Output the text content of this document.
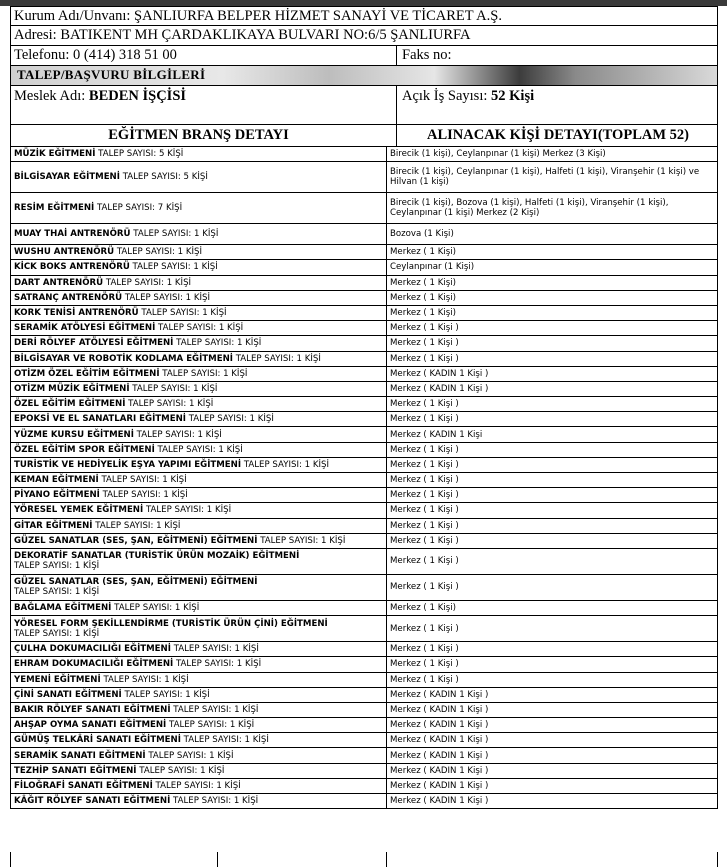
Kurum Adı/Unvanı: ŞANLIURFA BELPER HİZMET SANAYİ VE TİCARET A.Ş.
Adresi: BATIKENT MH ÇARDAKLIKAYA BULVARI NO:6/5 ŞANLIURFA
Telefonu: 0 (414) 318 51 00	Faks no:
TALEP/BAŞVURU BİLGİLERİ
Meslek Adı: BEDEN İŞÇİSİ	Açık İş Sayısı: 52 Kişi
EĞİTMEN BRANŞ DETAYI	ALINACAK KİŞİ DETAYI(TOPLAM 52)
MÜZİK EĞİTMENİ TALEP SAYISI: 5 KİŞİ	Birecik (1 kişi), Ceylanpınar (1 kişi) Merkez (3 Kişi)
BİLGİSAYAR EĞİTMENİ TALEP SAYISI: 5 KİŞİ	Birecik (1 kişi), Ceylanpınar (1 kişi), Halfeti (1 kişi), Viranşehir (1 kişi) ve Hilvan (1 kişi)
RESİM EĞİTMENİ TALEP SAYISI: 7 KİŞİ	Birecik (1 kişi), Bozova (1 kişi), Halfeti (1 kişi), Viranşehir (1 kişi), Ceylanpınar (1 kişi) Merkez (2 Kişi)
MUAY THAİ ANTRENÖRÜ TALEP SAYISI: 1 KİŞİ	Bozova (1 Kişi)
WUSHU ANTRENÖRÜ TALEP SAYISI: 1 KİŞİ	Merkez ( 1 Kişi)
KİCK BOKS ANTRENÖRÜ TALEP SAYISI: 1 KİŞİ	Ceylanpınar (1 Kişi)
DART ANTRENÖRÜ TALEP SAYISI: 1 KİŞİ	Merkez ( 1 Kişi)
SATRANÇ ANTRENÖRÜ TALEP SAYISI: 1 KİŞİ	Merkez ( 1 Kişi)
KORK TENİSİ ANTRENÖRÜ TALEP SAYISI: 1 KİŞİ	Merkez ( 1 Kişi)
SERAMİK ATÖLYESİ EĞİTMENİ TALEP SAYISI: 1 KİŞİ	Merkez ( 1 Kişi )
DERİ RÖLYEF ATÖLYESİ EĞİTMENİ TALEP SAYISI: 1 KİŞİ	Merkez ( 1 Kişi )
BİLGİSAYAR VE ROBOTİK KODLAMA EĞİTMENİ TALEP SAYISI: 1 KİŞİ	Merkez ( 1 Kişi )
OTİZM ÖZEL EĞİTİM EĞİTMENİ TALEP SAYISI: 1 KİŞİ	Merkez ( KADIN 1 Kişi )
OTİZM MÜZİK EĞİTMENİ TALEP SAYISI: 1 KİŞİ	Merkez ( KADIN 1 Kişi )
ÖZEL EĞİTİM EĞİTMENİ TALEP SAYISI: 1 KİŞİ	Merkez ( 1 Kişi )
EPOKSİ VE EL SANATLARI EĞİTMENİ TALEP SAYISI: 1 KİŞİ	Merkez ( 1 Kişi )
YÜZME KURSU EĞİTMENİ TALEP SAYISI: 1 KİŞİ	Merkez ( KADIN 1 Kişi
ÖZEL EĞİTİM SPOR EĞİTMENİ TALEP SAYISI: 1 KİŞİ	Merkez ( 1 Kişi )
TURİSTİK VE HEDİYELİK EŞYA YAPIMI EĞİTMENİ TALEP SAYISI: 1 KİŞİ	Merkez ( 1 Kişi )
KEMAN EĞİTMENİ TALEP SAYISI: 1 KİŞİ	Merkez ( 1 Kişi )
PİYANO EĞİTMENİ TALEP SAYISI: 1 KİŞİ	Merkez ( 1 Kişi )
YÖRESEL YEMEK EĞİTMENİ TALEP SAYISI: 1 KİŞİ	Merkez ( 1 Kişi )
GİTAR EĞİTMENİ TALEP SAYISI: 1 KİŞİ	Merkez ( 1 Kişi )
GÜZEL SANATLAR (SES, ŞAN, EĞİTMENİ) EĞİTMENİ TALEP SAYISI: 1 KİŞİ	Merkez ( 1 Kişi )
DEKORATİF SANATLAR (TURİSTİK ÜRÜN MOZAİK) EĞİTMENİ
TALEP SAYISI: 1 KİŞİ	Merkez ( 1 Kişi )
GÜZEL SANATLAR (SES, ŞAN, EĞİTMENİ) EĞİTMENİ
TALEP SAYISI: 1 KİŞİ	Merkez ( 1 Kişi )
BAĞLAMA EĞİTMENİ TALEP SAYISI: 1 KİŞİ	Merkez ( 1 Kişi)
YÖRESEL FORM ŞEKİLLENDİRME (TURİSTİK ÜRÜN ÇİNİ) EĞİTMENİ
TALEP SAYISI: 1 KİŞİ	Merkez ( 1 Kişi )
ÇULHA DOKUMACILIĞI EĞİTMENİ TALEP SAYISI: 1 KİŞİ	Merkez ( 1 Kişi )
EHRAM DOKUMACILIĞI EĞİTMENİ TALEP SAYISI: 1 KİŞİ	Merkez ( 1 Kişi )
YEMENİ EĞİTMENİ TALEP SAYISI: 1 KİŞİ	Merkez ( 1 Kişi )
ÇİNİ SANATI EĞİTMENİ TALEP SAYISI: 1 KİŞİ	Merkez ( KADIN 1 Kişi )
BAKIR RÖLYEF SANATI EĞİTMENİ TALEP SAYISI: 1 KİŞİ	Merkez ( KADIN 1 Kişi )
AHŞAP OYMA SANATI EĞİTMENİ TALEP SAYISI: 1 KİŞİ	Merkez ( KADIN 1 Kişi )
GÜMÜŞ TELKÂRİ SANATI EĞİTMENİ TALEP SAYISI: 1 KİŞİ	Merkez ( KADIN 1 Kişi )
SERAMİK SANATI EĞİTMENİ TALEP SAYISI: 1 KİŞİ	Merkez ( KADIN 1 Kişi )
TEZHİP SANATI EĞİTMENİ TALEP SAYISI: 1 KİŞİ	Merkez ( KADIN 1 Kişi )
FİLOĞRAFİ SANATI EĞİTMENİ TALEP SAYISI: 1 KİŞİ	Merkez ( KADIN 1 Kişi )
KÂĞIT RÖLYEF SANATI EĞİTMENİ TALEP SAYISI: 1 KİŞİ	Merkez ( KADIN 1 Kişi )
